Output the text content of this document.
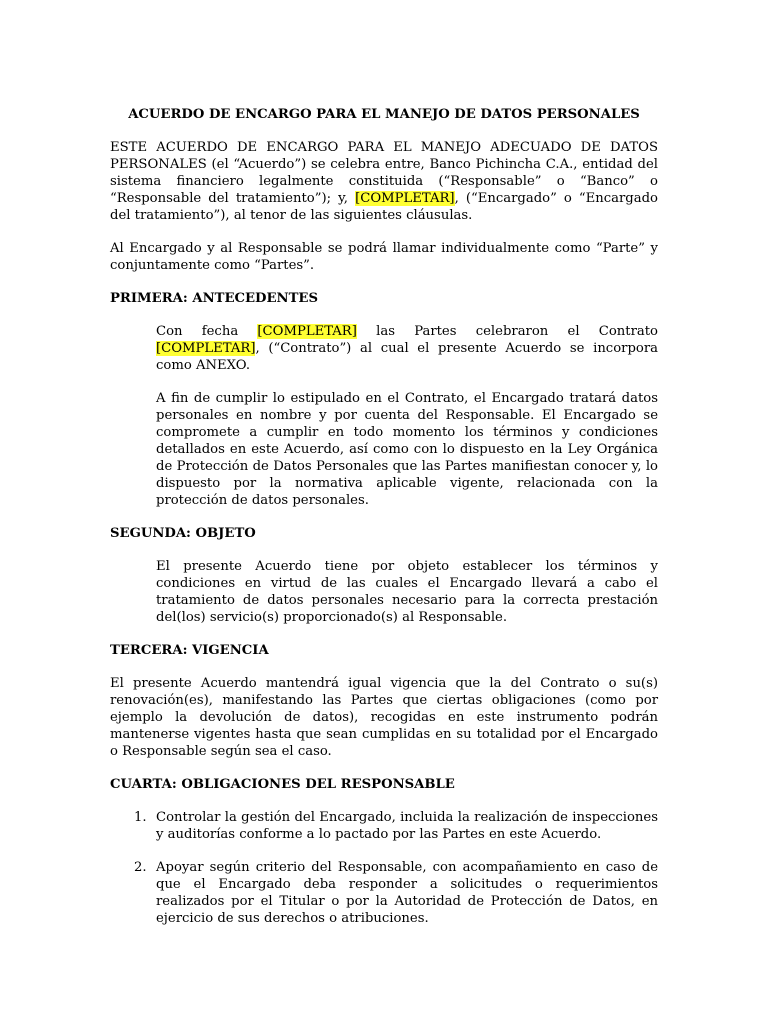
ACUERDO DE ENCARGO PARA EL MANEJO DE DATOS PERSONALES

ESTE ACUERDO DE ENCARGO PARA EL MANEJO ADECUADO DE DATOS PERSONALES (el “Acuerdo”) se celebra entre, Banco Pichincha C.A., entidad del sistema financiero legalmente constituida (“Responsable” o “Banco” o “Responsable del tratamiento”); y, [COMPLETAR], (“Encargado” o “Encargado del tratamiento”), al tenor de las siguientes cláusulas.

Al Encargado y al Responsable se podrá llamar individualmente como “Parte” y conjuntamente como “Partes”.

PRIMERA: ANTECEDENTES

Con fecha [COMPLETAR] las Partes celebraron el Contrato [COMPLETAR], (“Contrato”) al cual el presente Acuerdo se incorpora como ANEXO.

A fin de cumplir lo estipulado en el Contrato, el Encargado tratará datos personales en nombre y por cuenta del Responsable. El Encargado se compromete a cumplir en todo momento los términos y condiciones detallados en este Acuerdo, así como con lo dispuesto en la Ley Orgánica de Protección de Datos Personales que las Partes manifiestan conocer y, lo dispuesto por la normativa aplicable vigente, relacionada con la protección de datos personales.

SEGUNDA: OBJETO

El presente Acuerdo tiene por objeto establecer los términos y condiciones en virtud de las cuales el Encargado llevará a cabo el tratamiento de datos personales necesario para la correcta prestación del(los) servicio(s) proporcionado(s) al Responsable.

TERCERA: VIGENCIA

El presente Acuerdo mantendrá igual vigencia que la del Contrato o su(s) renovación(es), manifestando las Partes que ciertas obligaciones (como por ejemplo la devolución de datos), recogidas en este instrumento podrán mantenerse vigentes hasta que sean cumplidas en su totalidad por el Encargado o Responsable según sea el caso.

CUARTA: OBLIGACIONES DEL RESPONSABLE

1. Controlar la gestión del Encargado, incluida la realización de inspecciones y auditorías conforme a lo pactado por las Partes en este Acuerdo.
2. Apoyar según criterio del Responsable, con acompañamiento en caso de que el Encargado deba responder a solicitudes o requerimientos realizados por el Titular o por la Autoridad de Protección de Datos, en ejercicio de sus derechos o atribuciones.
